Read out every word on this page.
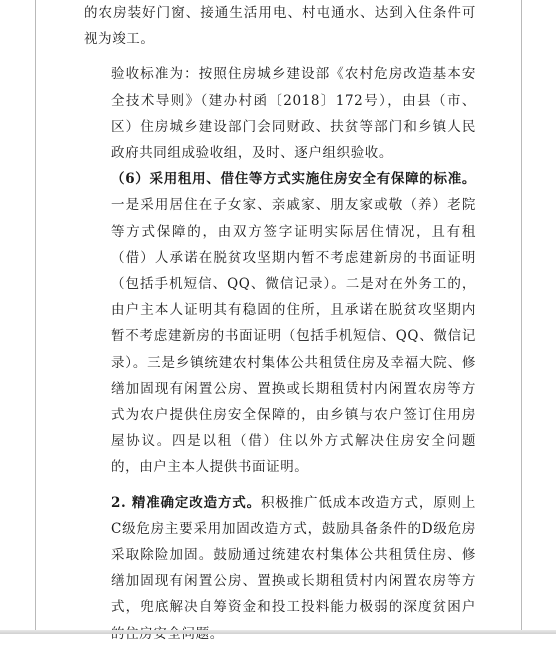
的农房装好门窗、接通生活用电、村屯通水、达到入住条件可视为竣工。

验收标准为：按照住房城乡建设部《农村危房改造基本安全技术导则》（建办村函〔2018〕172号），由县（市、区）住房城乡建设部门会同财政、扶贫等部门和乡镇人民政府共同组成验收组，及时、逐户组织验收。

（6）采用租用、借住等方式实施住房安全有保障的标准。一是采用居住在子女家、亲戚家、朋友家或敬（养）老院等方式保障的，由双方签字证明实际居住情况，且有租（借）人承诺在脱贫攻坚期内暂不考虑建新房的书面证明（包括手机短信、QQ、微信记录）。二是对在外务工的，由户主本人证明其有稳固的住所，且承诺在脱贫攻坚期内暂不考虑建新房的书面证明（包括手机短信、QQ、微信记录）。三是乡镇统建农村集体公共租赁住房及幸福大院、修缮加固现有闲置公房、置换或长期租赁村内闲置农房等方式为农户提供住房安全保障的，由乡镇与农户签订住用房屋协议。四是以租（借）住以外方式解决住房安全问题的，由户主本人提供书面证明。

2. 精准确定改造方式。积极推广低成本改造方式，原则上C级危房主要采用加固改造方式，鼓励具备条件的D级危房采取除险加固。鼓励通过统建农村集体公共租赁住房、修缮加固现有闲置公房、置换或长期租赁村内闲置农房等方式，兜底解决自筹资金和投工投料能力极弱的深度贫困户
